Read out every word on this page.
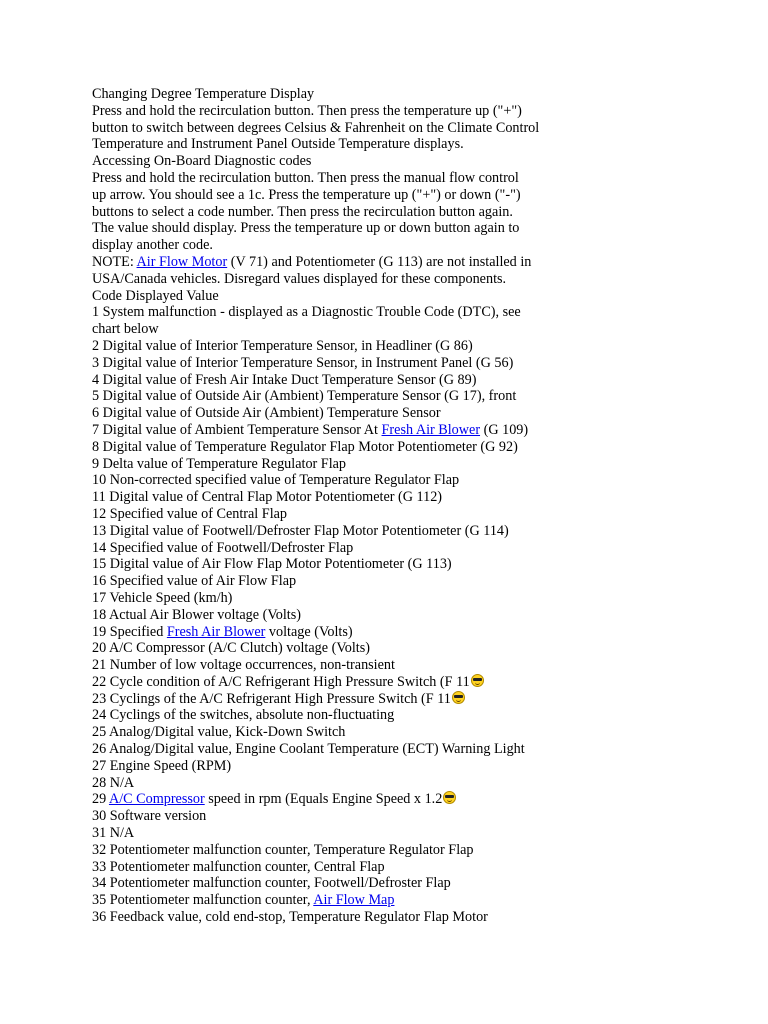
Changing Degree Temperature Display
Press and hold the recirculation button. Then press the temperature up ("+")
button to switch between degrees Celsius & Fahrenheit on the Climate Control
Temperature and Instrument Panel Outside Temperature displays.
Accessing On-Board Diagnostic codes
Press and hold the recirculation button. Then press the manual flow control
up arrow. You should see a 1c. Press the temperature up ("+") or down ("-")
buttons to select a code number. Then press the recirculation button again.
The value should display. Press the temperature up or down button again to
display another code.
NOTE: Air Flow Motor (V 71) and Potentiometer (G 113) are not installed in
USA/Canada vehicles. Disregard values displayed for these components.
Code Displayed Value
1 System malfunction - displayed as a Diagnostic Trouble Code (DTC), see
chart below
2 Digital value of Interior Temperature Sensor, in Headliner (G 86)
3 Digital value of Interior Temperature Sensor, in Instrument Panel (G 56)
4 Digital value of Fresh Air Intake Duct Temperature Sensor (G 89)
5 Digital value of Outside Air (Ambient) Temperature Sensor (G 17), front
6 Digital value of Outside Air (Ambient) Temperature Sensor
7 Digital value of Ambient Temperature Sensor At Fresh Air Blower (G 109)
8 Digital value of Temperature Regulator Flap Motor Potentiometer (G 92)
9 Delta value of Temperature Regulator Flap
10 Non-corrected specified value of Temperature Regulator Flap
11 Digital value of Central Flap Motor Potentiometer (G 112)
12 Specified value of Central Flap
13 Digital value of Footwell/Defroster Flap Motor Potentiometer (G 114)
14 Specified value of Footwell/Defroster Flap
15 Digital value of Air Flow Flap Motor Potentiometer (G 113)
16 Specified value of Air Flow Flap
17 Vehicle Speed (km/h)
18 Actual Air Blower voltage (Volts)
19 Specified Fresh Air Blower voltage (Volts)
20 A/C Compressor (A/C Clutch) voltage (Volts)
21 Number of low voltage occurrences, non-transient
22 Cycle condition of A/C Refrigerant High Pressure Switch (F 11
23 Cyclings of the A/C Refrigerant High Pressure Switch (F 11
24 Cyclings of the switches, absolute non-fluctuating
25 Analog/Digital value, Kick-Down Switch
26 Analog/Digital value, Engine Coolant Temperature (ECT) Warning Light
27 Engine Speed (RPM)
28 N/A
29 A/C Compressor speed in rpm (Equals Engine Speed x 1.2
30 Software version
31 N/A
32 Potentiometer malfunction counter, Temperature Regulator Flap
33 Potentiometer malfunction counter, Central Flap
34 Potentiometer malfunction counter, Footwell/Defroster Flap
35 Potentiometer malfunction counter, Air Flow Map
36 Feedback value, cold end-stop, Temperature Regulator Flap Motor
